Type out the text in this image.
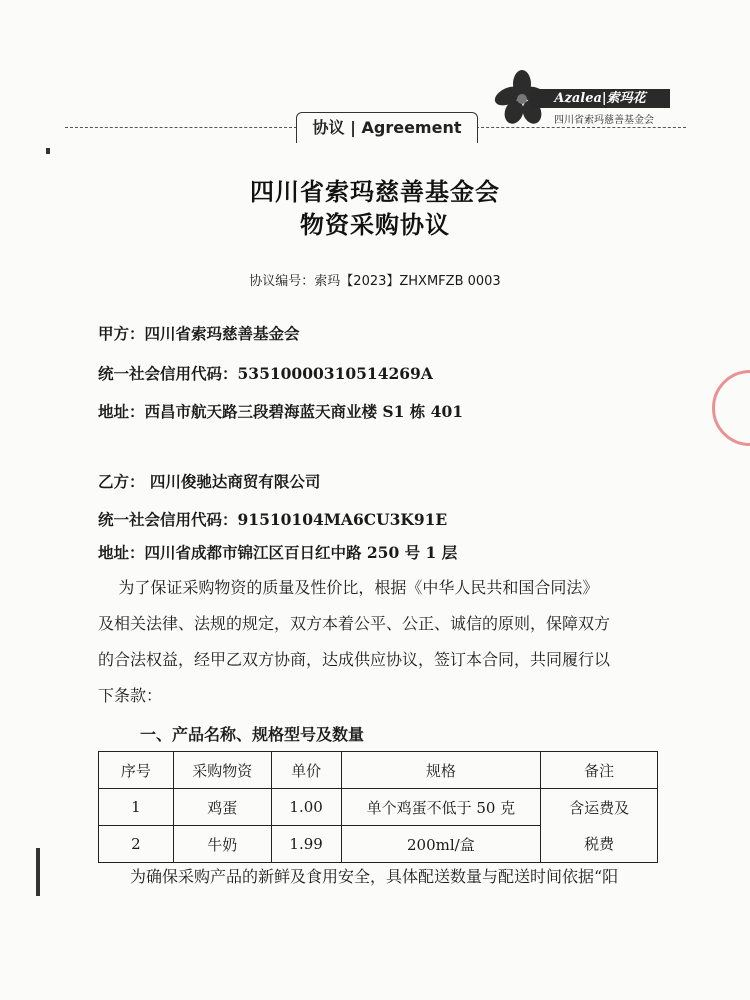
协议 | Agreement
Azalea|索玛花
四川省索玛慈善基金会
四川省索玛慈善基金会
物资采购协议
协议编号：索玛【2023】ZHXMFZB 0003
甲方：四川省索玛慈善基金会
统一社会信用代码：53510000310514269A
地址：西昌市航天路三段碧海蓝天商业楼 S1 栋 401
乙方： 四川俊驰达商贸有限公司
统一社会信用代码：91510104MA6CU3K91E
地址：四川省成都市锦江区百日红中路 250 号 1 层
为了保证采购物资的质量及性价比，根据《中华人民共和国合同法》
及相关法律、法规的规定，双方本着公平、公正、诚信的原则，保障双方
的合法权益，经甲乙双方协商，达成供应协议，签订本合同，共同履行以
下条款：
一、产品名称、规格型号及数量
序号	采购物资	单价	规格	备注
1	鸡蛋	1.00	单个鸡蛋不低于 50 克	含运费及
税费

2	牛奶	1.99	200ml/盒	
为确保采购产品的新鲜及食用安全，具体配送数量与配送时间依据“阳
